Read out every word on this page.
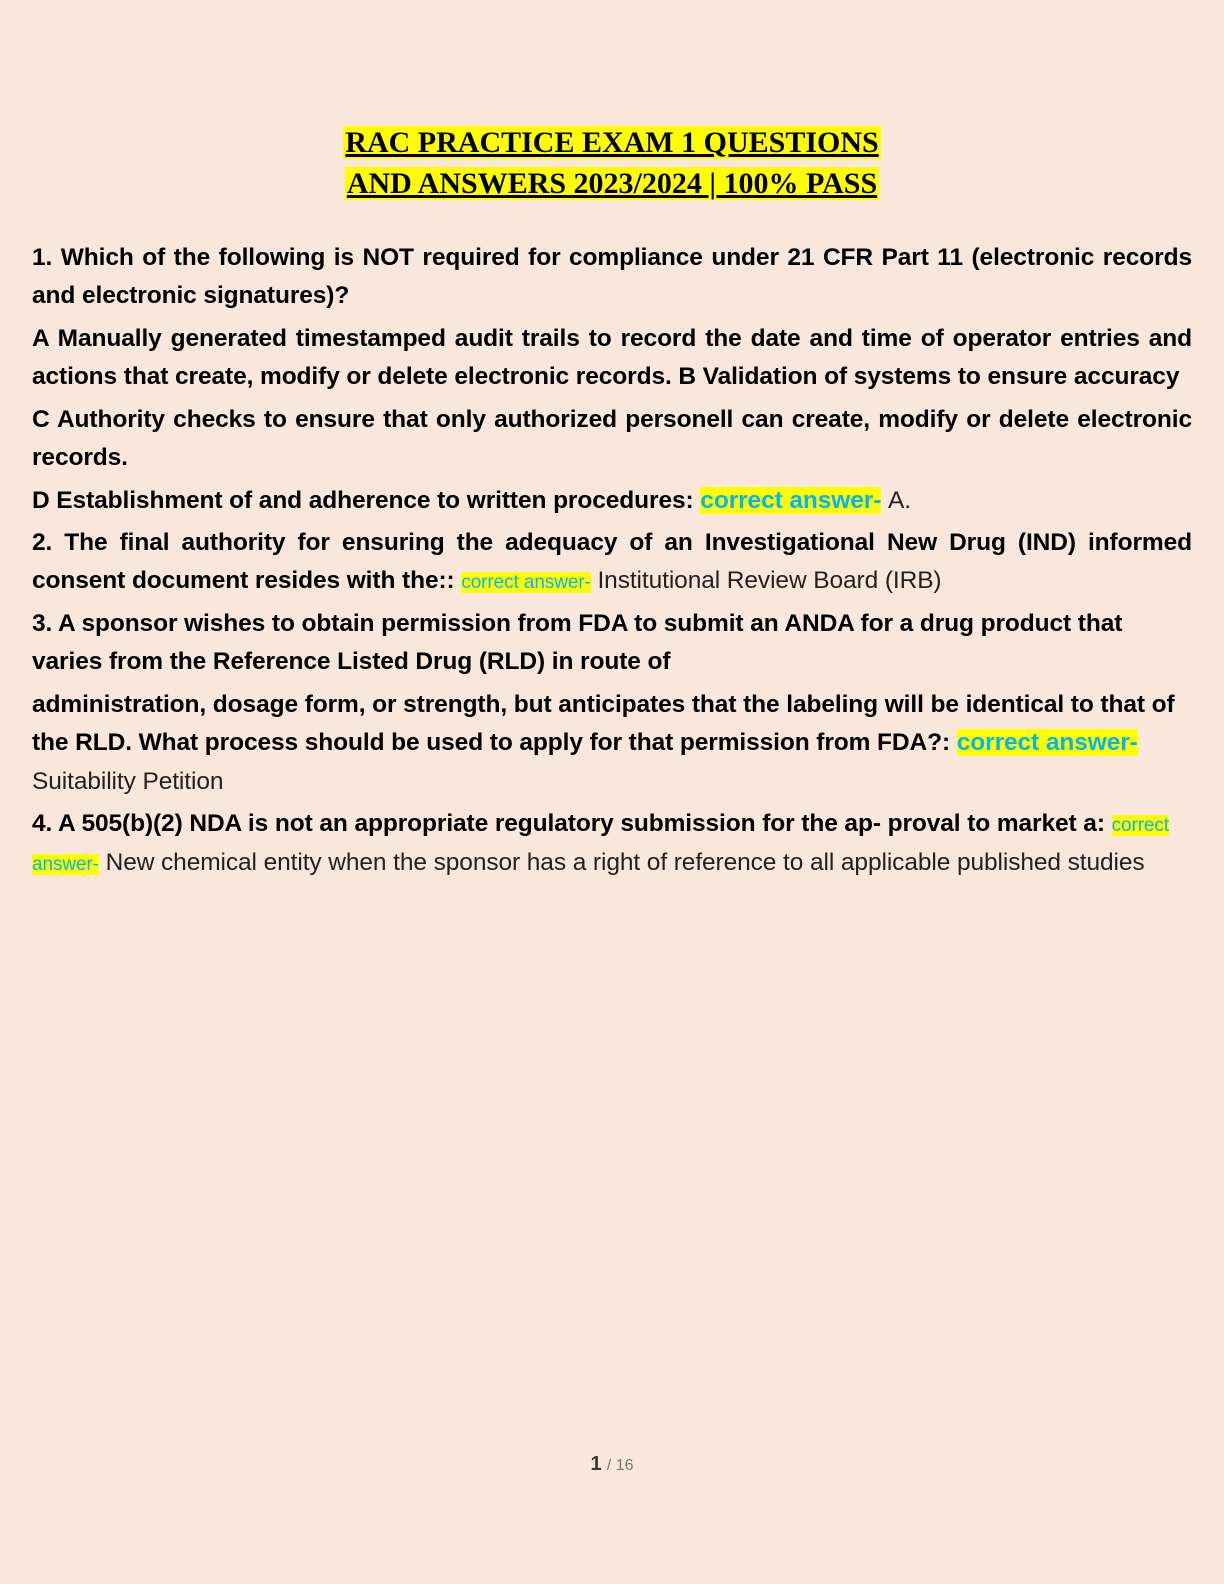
RAC PRACTICE EXAM 1 QUESTIONS
AND ANSWERS 2023/2024 | 100% PASS

1. Which of the following is NOT required for compliance under 21 CFR Part 11 (electronic records and electronic signatures)?

A Manually generated timestamped audit trails to record the date and time of operator entries and actions that create, modify or delete electronic records. B Validation of systems to ensure accuracy

C Authority checks to ensure that only authorized personell can create, modify or delete electronic records.

D Establishment of and adherence to written procedures: correct answer- A.

2. The final authority for ensuring the adequacy of an Investigational New Drug (IND) informed consent document resides with the:: correct answer- Institutional Review Board (IRB)

3. A sponsor wishes to obtain permission from FDA to submit an ANDA for a drug product that varies from the Reference Listed Drug (RLD) in route of

administration, dosage form, or strength, but anticipates that the labeling will be identical to that of the RLD. What process should be used to apply for that permission from FDA?: correct answer- Suitability Petition

4. A 505(b)(2) NDA is not an appropriate regulatory submission for the ap- proval to market a: correct answer- New chemical entity when the sponsor has a right of reference to all applicable published studies

1 / 16
